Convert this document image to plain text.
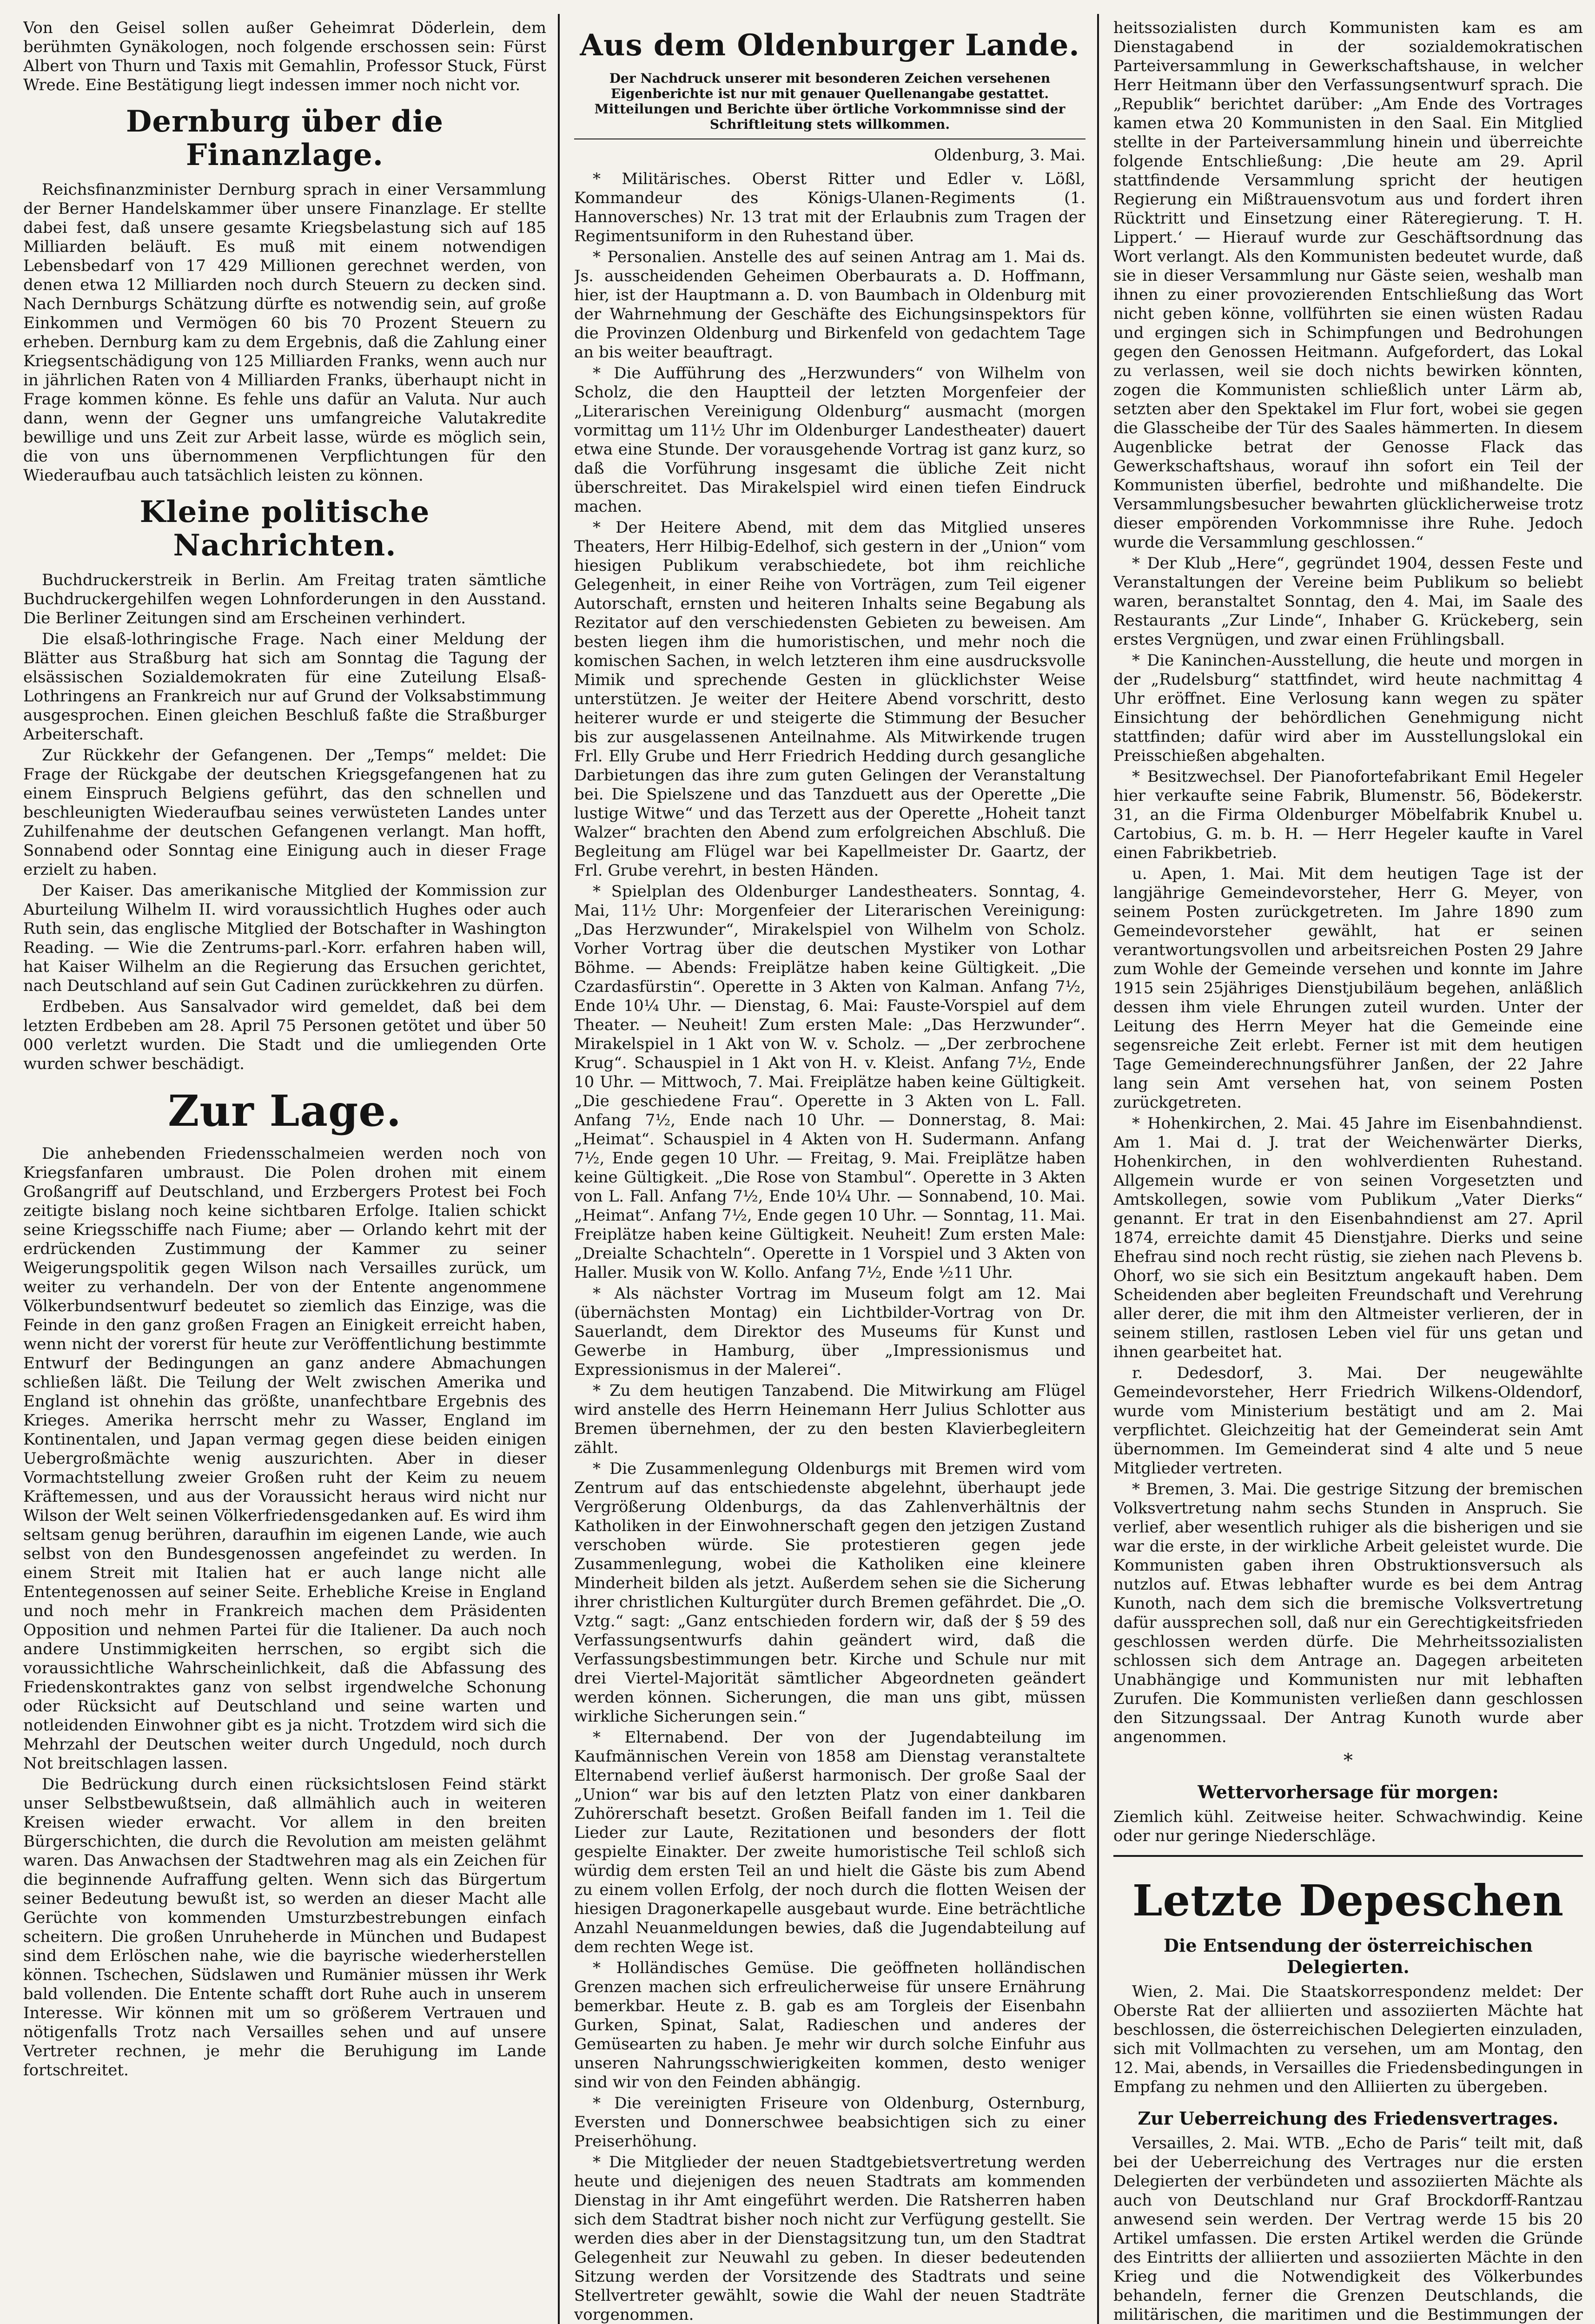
Von den Geisel sollen außer Geheimrat Döderlein, dem berühmten Gynäkologen, noch folgende erschossen sein: Fürst Albert von Thurn und Taxis mit Gemahlin, Professor Stuck, Fürst Wrede. Eine Bestätigung liegt indessen immer noch nicht vor.

Dernburg über die Finanzlage.

Reichsfinanzminister Dernburg sprach in einer Versammlung der Berner Handelskammer über unsere Finanzlage. Er stellte dabei fest, daß unsere gesamte Kriegsbelastung sich auf 185 Milliarden beläuft. Es muß mit einem notwendigen Lebensbedarf von 17 429 Millionen gerechnet werden, von denen etwa 12 Milliarden noch durch Steuern zu decken sind. Nach Dernburgs Schätzung dürfte es notwendig sein, auf große Einkommen und Vermögen 60 bis 70 Prozent Steuern zu erheben. Dernburg kam zu dem Ergebnis, daß die Zahlung einer Kriegsentschädigung von 125 Milliarden Franks, wenn auch nur in jährlichen Raten von 4 Milliarden Franks, überhaupt nicht in Frage kommen könne. Es fehle uns dafür an Valuta. Nur auch dann, wenn der Gegner uns umfangreiche Valutakredite bewillige und uns Zeit zur Arbeit lasse, würde es möglich sein, die von uns übernommenen Verpflichtungen für den Wiederaufbau auch tatsächlich leisten zu können.

Kleine politische Nachrichten.

Buchdruckerstreik in Berlin. Am Freitag traten sämtliche Buchdruckergehilfen wegen Lohnforderungen in den Ausstand. Die Berliner Zeitungen sind am Erscheinen verhindert.

Die elsaß-lothringische Frage. Nach einer Meldung der Blätter aus Straßburg hat sich am Sonntag die Tagung der elsässischen Sozialdemokraten für eine Zuteilung Elsaß-Lothringens an Frankreich nur auf Grund der Volksabstimmung ausgesprochen. Einen gleichen Beschluß faßte die Straßburger Arbeiterschaft.

Zur Rückkehr der Gefangenen. Der „Temps“ meldet: Die Frage der Rückgabe der deutschen Kriegsgefangenen hat zu einem Einspruch Belgiens geführt, das den schnellen und beschleunigten Wiederaufbau seines verwüsteten Landes unter Zuhilfenahme der deutschen Gefangenen verlangt. Man hofft, Sonnabend oder Sonntag eine Einigung auch in dieser Frage erzielt zu haben.

Der Kaiser. Das amerikanische Mitglied der Kommission zur Aburteilung Wilhelm II. wird voraussichtlich Hughes oder auch Ruth sein, das englische Mitglied der Botschafter in Washington Reading. — Wie die Zentrums-parl.-Korr. erfahren haben will, hat Kaiser Wilhelm an die Regierung das Ersuchen gerichtet, nach Deutschland auf sein Gut Cadinen zurückkehren zu dürfen.

Erdbeben. Aus Sansalvador wird gemeldet, daß bei dem letzten Erdbeben am 28. April 75 Personen getötet und über 50 000 verletzt wurden. Die Stadt und die umliegenden Orte wurden schwer beschädigt.

Zur Lage.

Die anhebenden Friedensschalmeien werden noch von Kriegsfanfaren umbraust. Die Polen drohen mit einem Großangriff auf Deutschland, und Erzbergers Protest bei Foch zeitigte bislang noch keine sichtbaren Erfolge. Italien schickt seine Kriegsschiffe nach Fiume; aber — Orlando kehrt mit der erdrückenden Zustimmung der Kammer zu seiner Weigerungspolitik gegen Wilson nach Versailles zurück, um weiter zu verhandeln. Der von der Entente angenommene Völkerbundsentwurf bedeutet so ziemlich das Einzige, was die Feinde in den ganz großen Fragen an Einigkeit erreicht haben, wenn nicht der vorerst für heute zur Veröffentlichung bestimmte Entwurf der Bedingungen an ganz andere Abmachungen schließen läßt. Die Teilung der Welt zwischen Amerika und England ist ohnehin das größte, unanfechtbare Ergebnis des Krieges. Amerika herrscht mehr zu Wasser, England im Kontinentalen, und Japan vermag gegen diese beiden einigen Uebergroßmächte wenig auszurichten. Aber in dieser Vormachtstellung zweier Großen ruht der Keim zu neuem Kräftemessen, und aus der Voraussicht heraus wird nicht nur Wilson der Welt seinen Völkerfriedensgedanken auf. Es wird ihm seltsam genug berühren, daraufhin im eigenen Lande, wie auch selbst von den Bundesgenossen angefeindet zu werden. In einem Streit mit Italien hat er auch lange nicht alle Ententegenossen auf seiner Seite. Erhebliche Kreise in England und noch mehr in Frankreich machen dem Präsidenten Opposition und nehmen Partei für die Italiener. Da auch noch andere Unstimmigkeiten herrschen, so ergibt sich die voraussichtliche Wahrscheinlichkeit, daß die Abfassung des Friedenskontraktes ganz von selbst irgendwelche Schonung oder Rücksicht auf Deutschland und seine warten und notleidenden Einwohner gibt es ja nicht. Trotzdem wird sich die Mehrzahl der Deutschen weiter durch Ungeduld, noch durch Not breitschlagen lassen.

Die Bedrückung durch einen rücksichtslosen Feind stärkt unser Selbstbewußtsein, daß allmählich auch in weiteren Kreisen wieder erwacht. Vor allem in den breiten Bürgerschichten, die durch die Revolution am meisten gelähmt waren. Das Anwachsen der Stadtwehren mag als ein Zeichen für die beginnende Aufraffung gelten. Wenn sich das Bürgertum seiner Bedeutung bewußt ist, so werden an dieser Macht alle Gerüchte von kommenden Umsturzbestrebungen einfach scheitern. Die großen Unruheherde in München und Budapest sind dem Erlöschen nahe, wie die bayrische wiederherstellen können. Tschechen, Südslawen und Rumänier müssen ihr Werk bald vollenden. Die Entente schafft dort Ruhe auch in unserem Interesse. Wir können mit um so größerem Vertrauen und nötigenfalls Trotz nach Versailles sehen und auf unsere Vertreter rechnen, je mehr die Beruhigung im Lande fortschreitet.

Aus dem Oldenburger Lande.
Der Nachdruck unserer mit besonderen Zeichen versehenen Eigenberichte ist nur mit genauer Quellenangabe gestattet. Mitteilungen und Berichte über örtliche Vorkommnisse sind der Schriftleitung stets willkommen.
Oldenburg, 3. Mai.

* Militärisches. Oberst Ritter und Edler v. Lößl, Kommandeur des Königs-Ulanen-Regiments (1. Hannoversches) Nr. 13 trat mit der Erlaubnis zum Tragen der Regimentsuniform in den Ruhestand über.

* Personalien. Anstelle des auf seinen Antrag am 1. Mai ds. Js. ausscheidenden Geheimen Oberbaurats a. D. Hoffmann, hier, ist der Hauptmann a. D. von Baumbach in Oldenburg mit der Wahrnehmung der Geschäfte des Eichungsinspektors für die Provinzen Oldenburg und Birkenfeld von gedachtem Tage an bis weiter beauftragt.

* Die Aufführung des „Herzwunders“ von Wilhelm von Scholz, die den Hauptteil der letzten Morgenfeier der „Literarischen Vereinigung Oldenburg“ ausmacht (morgen vormittag um 11½ Uhr im Oldenburger Landestheater) dauert etwa eine Stunde. Der vorausgehende Vortrag ist ganz kurz, so daß die Vorführung insgesamt die übliche Zeit nicht überschreitet. Das Mirakelspiel wird einen tiefen Eindruck machen.

* Der Heitere Abend, mit dem das Mitglied unseres Theaters, Herr Hilbig-Edelhof, sich gestern in der „Union“ vom hiesigen Publikum verabschiedete, bot ihm reichliche Gelegenheit, in einer Reihe von Vorträgen, zum Teil eigener Autorschaft, ernsten und heiteren Inhalts seine Begabung als Rezitator auf den verschiedensten Gebieten zu beweisen. Am besten liegen ihm die humoristischen, und mehr noch die komischen Sachen, in welch letzteren ihm eine ausdrucksvolle Mimik und sprechende Gesten in glücklichster Weise unterstützen. Je weiter der Heitere Abend vorschritt, desto heiterer wurde er und steigerte die Stimmung der Besucher bis zur ausgelassenen Anteilnahme. Als Mitwirkende trugen Frl. Elly Grube und Herr Friedrich Hedding durch gesangliche Darbietungen das ihre zum guten Gelingen der Veranstaltung bei. Die Spielszene und das Tanzduett aus der Operette „Die lustige Witwe“ und das Terzett aus der Operette „Hoheit tanzt Walzer“ brachten den Abend zum erfolgreichen Abschluß. Die Begleitung am Flügel war bei Kapellmeister Dr. Gaartz, der Frl. Grube verehrt, in besten Händen.

* Spielplan des Oldenburger Landestheaters. Sonntag, 4. Mai, 11½ Uhr: Morgenfeier der Literarischen Vereinigung: „Das Herzwunder“, Mirakelspiel von Wilhelm von Scholz. Vorher Vortrag über die deutschen Mystiker von Lothar Böhme. — Abends: Freiplätze haben keine Gültigkeit. „Die Czardasfürstin“. Operette in 3 Akten von Kalman. Anfang 7½, Ende 10¼ Uhr. — Dienstag, 6. Mai: Fauste-Vorspiel auf dem Theater. — Neuheit! Zum ersten Male: „Das Herzwunder“. Mirakelspiel in 1 Akt von W. v. Scholz. — „Der zerbrochene Krug“. Schauspiel in 1 Akt von H. v. Kleist. Anfang 7½, Ende 10 Uhr. — Mittwoch, 7. Mai. Freiplätze haben keine Gültigkeit. „Die geschiedene Frau“. Operette in 3 Akten von L. Fall. Anfang 7½, Ende nach 10 Uhr. — Donnerstag, 8. Mai: „Heimat“. Schauspiel in 4 Akten von H. Sudermann. Anfang 7½, Ende gegen 10 Uhr. — Freitag, 9. Mai. Freiplätze haben keine Gültigkeit. „Die Rose von Stambul“. Operette in 3 Akten von L. Fall. Anfang 7½, Ende 10¼ Uhr. — Sonnabend, 10. Mai. „Heimat“. Anfang 7½, Ende gegen 10 Uhr. — Sonntag, 11. Mai. Freiplätze haben keine Gültigkeit. Neuheit! Zum ersten Male: „Dreialte Schachteln“. Operette in 1 Vorspiel und 3 Akten von Haller. Musik von W. Kollo. Anfang 7½, Ende ½11 Uhr.

* Als nächster Vortrag im Museum folgt am 12. Mai (übernächsten Montag) ein Lichtbilder-Vortrag von Dr. Sauerlandt, dem Direktor des Museums für Kunst und Gewerbe in Hamburg, über „Impressionismus und Expressionismus in der Malerei“.

* Zu dem heutigen Tanzabend. Die Mitwirkung am Flügel wird anstelle des Herrn Heinemann Herr Julius Schlotter aus Bremen übernehmen, der zu den besten Klavierbegleitern zählt.

* Die Zusammenlegung Oldenburgs mit Bremen wird vom Zentrum auf das entschiedenste abgelehnt, überhaupt jede Vergrößerung Oldenburgs, da das Zahlenverhältnis der Katholiken in der Einwohnerschaft gegen den jetzigen Zustand verschoben würde. Sie protestieren gegen jede Zusammenlegung, wobei die Katholiken eine kleinere Minderheit bilden als jetzt. Außerdem sehen sie die Sicherung ihrer christlichen Kulturgüter durch Bremen gefährdet. Die „O. Vztg.“ sagt: „Ganz entschieden fordern wir, daß der § 59 des Verfassungsentwurfs dahin geändert wird, daß die Verfassungsbestimmungen betr. Kirche und Schule nur mit drei Viertel-Majorität sämtlicher Abgeordneten geändert werden können. Sicherungen, die man uns gibt, müssen wirkliche Sicherungen sein.“

* Elternabend. Der von der Jugendabteilung im Kaufmännischen Verein von 1858 am Dienstag veranstaltete Elternabend verlief äußerst harmonisch. Der große Saal der „Union“ war bis auf den letzten Platz von einer dankbaren Zuhörerschaft besetzt. Großen Beifall fanden im 1. Teil die Lieder zur Laute, Rezitationen und besonders der flott gespielte Einakter. Der zweite humoristische Teil schloß sich würdig dem ersten Teil an und hielt die Gäste bis zum Abend zu einem vollen Erfolg, der noch durch die flotten Weisen der hiesigen Dragonerkapelle ausgebaut wurde. Eine beträchtliche Anzahl Neuanmeldungen bewies, daß die Jugendabteilung auf dem rechten Wege ist.

* Holländisches Gemüse. Die geöffneten holländischen Grenzen machen sich erfreulicherweise für unsere Ernährung bemerkbar. Heute z. B. gab es am Torgleis der Eisenbahn Gurken, Spinat, Salat, Radieschen und anderes der Gemüsearten zu haben. Je mehr wir durch solche Einfuhr aus unseren Nahrungsschwierigkeiten kommen, desto weniger sind wir von den Feinden abhängig.

* Die vereinigten Friseure von Oldenburg, Osternburg, Eversten und Donnerschwee beabsichtigen sich zu einer Preiserhöhung.

* Die Mitglieder der neuen Stadtgebietsvertretung werden heute und diejenigen des neuen Stadtrats am kommenden Dienstag in ihr Amt eingeführt werden. Die Ratsherren haben sich dem Stadtrat bisher noch nicht zur Verfügung gestellt. Sie werden dies aber in der Dienstagsitzung tun, um den Stadtrat Gelegenheit zur Neuwahl zu geben. In dieser bedeutenden Sitzung werden der Vorsitzende des Stadtrats und seine Stellvertreter gewählt, sowie die Wahl der neuen Stadträte vorgenommen.

heitssozialisten durch Kommunisten kam es am Dienstagabend in der sozialdemokratischen Parteiversammlung in Gewerkschaftshause, in welcher Herr Heitmann über den Verfassungsentwurf sprach. Die „Republik“ berichtet darüber: „Am Ende des Vortrages kamen etwa 20 Kommunisten in den Saal. Ein Mitglied stellte in der Parteiversammlung hinein und überreichte folgende Entschließung: ‚Die heute am 29. April stattfindende Versammlung spricht der heutigen Regierung ein Mißtrauensvotum aus und fordert ihren Rücktritt und Einsetzung einer Räteregierung. T. H. Lippert.‘ — Hierauf wurde zur Geschäftsordnung das Wort verlangt. Als den Kommunisten bedeutet wurde, daß sie in dieser Versammlung nur Gäste seien, weshalb man ihnen zu einer provozierenden Entschließung das Wort nicht geben könne, vollführten sie einen wüsten Radau und ergingen sich in Schimpfungen und Bedrohungen gegen den Genossen Heitmann. Aufgefordert, das Lokal zu verlassen, weil sie doch nichts bewirken könnten, zogen die Kommunisten schließlich unter Lärm ab, setzten aber den Spektakel im Flur fort, wobei sie gegen die Glasscheibe der Tür des Saales hämmerten. In diesem Augenblicke betrat der Genosse Flack das Gewerkschaftshaus, worauf ihn sofort ein Teil der Kommunisten überfiel, bedrohte und mißhandelte. Die Versammlungsbesucher bewahrten glücklicherweise trotz dieser empörenden Vorkommnisse ihre Ruhe. Jedoch wurde die Versammlung geschlossen.“

* Der Klub „Here“, gegründet 1904, dessen Feste und Veranstaltungen der Vereine beim Publikum so beliebt waren, beranstaltet Sonntag, den 4. Mai, im Saale des Restaurants „Zur Linde“, Inhaber G. Krückeberg, sein erstes Vergnügen, und zwar einen Frühlingsball.

* Die Kaninchen-Ausstellung, die heute und morgen in der „Rudelsburg“ stattfindet, wird heute nachmittag 4 Uhr eröffnet. Eine Verlosung kann wegen zu später Einsichtung der behördlichen Genehmigung nicht stattfinden; dafür wird aber im Ausstellungslokal ein Preisschießen abgehalten.

* Besitzwechsel. Der Pianofortefabrikant Emil Hegeler hier verkaufte seine Fabrik, Blumenstr. 56, Bödekerstr. 31, an die Firma Oldenburger Möbelfabrik Knubel u. Cartobius, G. m. b. H. — Herr Hegeler kaufte in Varel einen Fabrikbetrieb.

u. Apen, 1. Mai. Mit dem heutigen Tage ist der langjährige Gemeindevorsteher, Herr G. Meyer, von seinem Posten zurückgetreten. Im Jahre 1890 zum Gemeindevorsteher gewählt, hat er seinen verantwortungsvollen und arbeitsreichen Posten 29 Jahre zum Wohle der Gemeinde versehen und konnte im Jahre 1915 sein 25jähriges Dienstjubiläum begehen, anläßlich dessen ihm viele Ehrungen zuteil wurden. Unter der Leitung des Herrn Meyer hat die Gemeinde eine segensreiche Zeit erlebt. Ferner ist mit dem heutigen Tage Gemeinderechnungsführer Janßen, der 22 Jahre lang sein Amt versehen hat, von seinem Posten zurückgetreten.

* Hohenkirchen, 2. Mai. 45 Jahre im Eisenbahndienst. Am 1. Mai d. J. trat der Weichenwärter Dierks, Hohenkirchen, in den wohlverdienten Ruhestand. Allgemein wurde er von seinen Vorgesetzten und Amtskollegen, sowie vom Publikum „Vater Dierks“ genannt. Er trat in den Eisenbahndienst am 27. April 1874, erreichte damit 45 Dienstjahre. Dierks und seine Ehefrau sind noch recht rüstig, sie ziehen nach Plevens b. Ohorf, wo sie sich ein Besitztum angekauft haben. Dem Scheidenden aber begleiten Freundschaft und Verehrung aller derer, die mit ihm den Altmeister verlieren, der in seinem stillen, rastlosen Leben viel für uns getan und ihnen gearbeitet hat.

r. Dedesdorf, 3. Mai. Der neugewählte Gemeindevorsteher, Herr Friedrich Wilkens-Oldendorf, wurde vom Ministerium bestätigt und am 2. Mai verpflichtet. Gleichzeitig hat der Gemeinderat sein Amt übernommen. Im Gemeinderat sind 4 alte und 5 neue Mitglieder vertreten.

* Bremen, 3. Mai. Die gestrige Sitzung der bremischen Volksvertretung nahm sechs Stunden in Anspruch. Sie verlief, aber wesentlich ruhiger als die bisherigen und sie war die erste, in der wirkliche Arbeit geleistet wurde. Die Kommunisten gaben ihren Obstruktionsversuch als nutzlos auf. Etwas lebhafter wurde es bei dem Antrag Kunoth, nach dem sich die bremische Volksvertretung dafür aussprechen soll, daß nur ein Gerechtigkeitsfrieden geschlossen werden dürfe. Die Mehrheitssozialisten schlossen sich dem Antrage an. Dagegen arbeiteten Unabhängige und Kommunisten nur mit lebhaften Zurufen. Die Kommunisten verließen dann geschlossen den Sitzungssaal. Der Antrag Kunoth wurde aber angenommen.

*
Wettervorhersage für morgen:

Ziemlich kühl. Zeitweise heiter. Schwachwindig. Keine oder nur geringe Niederschläge.

Letzte Depeschen
Die Entsendung der österreichischen Delegierten.

Wien, 2. Mai. Die Staatskorrespondenz meldet: Der Oberste Rat der alliierten und assoziierten Mächte hat beschlossen, die österreichischen Delegierten einzuladen, sich mit Vollmachten zu versehen, um am Montag, den 12. Mai, abends, in Versailles die Friedensbedingungen in Empfang zu nehmen und den Alliierten zu übergeben.

Zur Ueberreichung des Friedensvertrages.

Versailles, 2. Mai. WTB. „Echo de Paris“ teilt mit, daß bei der Ueberreichung des Vertrages nur die ersten Delegierten der verbündeten und assoziierten Mächte als auch von Deutschland nur Graf Brockdorff-Rantzau anwesend sein werden. Der Vertrag werde 15 bis 20 Artikel umfassen. Die ersten Artikel werden die Gründe des Eintritts der alliierten und assoziierten Mächte in den Krieg und die Notwendigkeit des Völkerbundes behandeln, ferner die Grenzen Deutschlands, die militärischen, die maritimen und die Bestimmungen der
